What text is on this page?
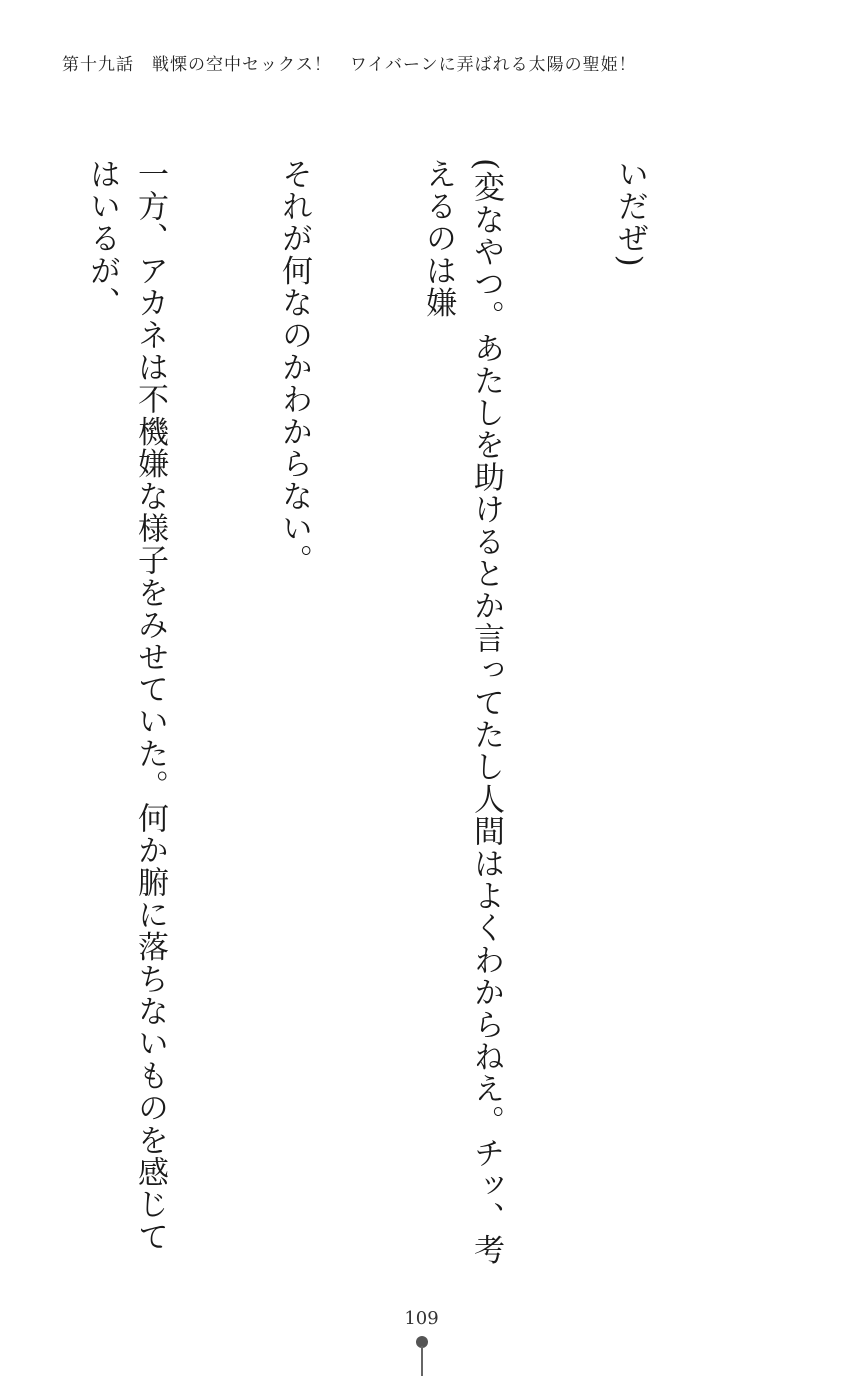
第十九話　戦慄の空中セックス！　ワイバーンに弄ばれる太陽の聖姫！

いだぜ)

(変なやつ。あたしを助けるとか言ってたし人間はよくわからねえ。チッ、考えるのは嫌

それが何なのかわからない。

一方、アカネは不機嫌な様子をみせていた。何か腑に落ちないものを感じてはいるが、

109
